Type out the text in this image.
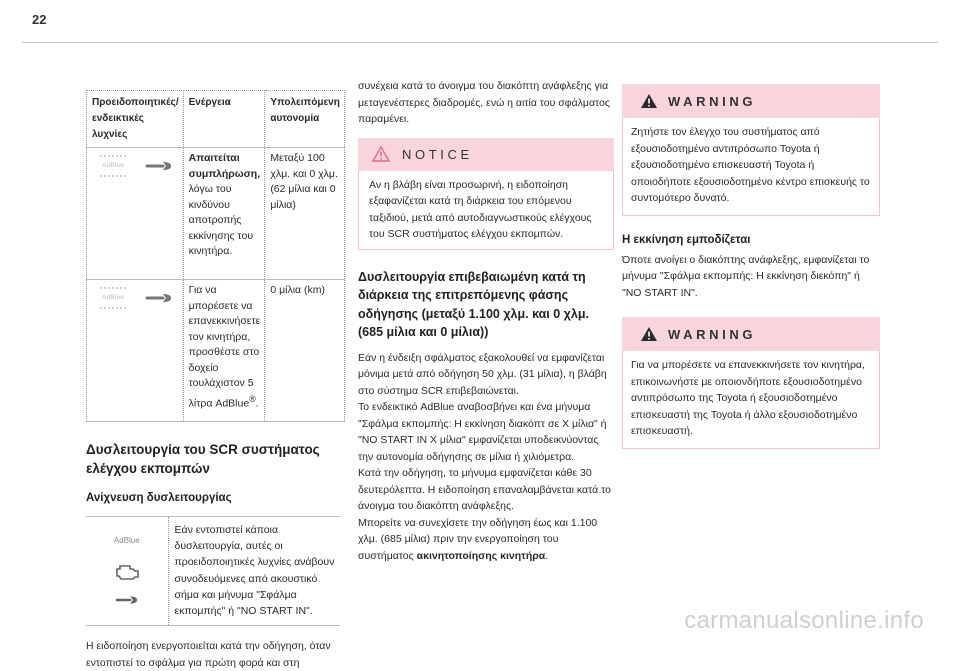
22
Προειδοποιητικές/ ενδεικτικές λυχνίες	Ενέργεια	Υπολειπόμενη αυτονομία

AdBlue	Απαιτείται συμπλήρωση, λόγω του κινδύνου αποτροπής εκκίνησης του κινητήρα.	Μεταξύ 100 χλμ. και 0 χλμ. (62 μίλια και 0 μίλια)

AdBlue	Για να μπορέσετε να επανεκκινήσετε τον κινητήρα, προσθέστε στο δοχείο τουλάχιστον 5 λίτρα AdBlue®.	0 μίλια (km)
Δυσλειτουργία του SCR συστήματος ελέγχου εκπομπών
Ανίχνευση δυσλειτουργίας
AdBlue
	Εάν εντοπιστεί κάποια δυσλειτουργία, αυτές οι προειδοποιητικές λυχνίες ανάβουν συνοδευόμενες από ακουστικό σήμα και μήνυμα "Σφάλμα εκπομπής" ή "NO START IN".

Η ειδοποίηση ενεργοποιείται κατά την οδήγηση, όταν εντοπιστεί το σφάλμα για πρώτη φορά και στη

συνέχεια κατά το άνοιγμα του διακόπτη ανάφλεξης για μεταγενέστερες διαδρομές, ενώ η αιτία του σφάλματος παραμένει.

NOTICE
Αν η βλάβη είναι προσωρινή, η ειδοποίηση εξαφανίζεται κατά τη διάρκεια του επόμενου ταξιδιού, μετά από αυτοδιαγνωστικούς ελέγχους του SCR συστήματος ελέγχου εκπομπών.
Δυσλειτουργία επιβεβαιωμένη κατά τη διάρκεια της επιτρεπόμενης φάσης οδήγησης (μεταξύ 1.100 χλμ. και 0 χλμ. (685 μίλια και 0 μίλια))

Εάν η ένδειξη σφάλματος εξακολουθεί να εμφανίζεται μόνιμα μετά από οδήγηση 50 χλμ. (31 μίλια), η βλάβη στο σύστημα SCR επιβεβαιώνεται.

Το ενδεικτικό AdBlue αναβοσβήνει και ένα μήνυμα "Σφάλμα εκπομπής: Η εκκίνηση διακόπτ σε X μίλια" ή "NO START IN X μίλια" εμφανίζεται υποδεικνύοντας την αυτονομία οδήγησης σε μίλια ή χιλιόμετρα.

Κατά την οδήγηση, το μήνυμα εμφανίζεται κάθε 30 δευτερόλεπτα. Η ειδοποίηση επαναλαμβάνεται κατά το άνοιγμα του διακόπτη ανάφλεξης.

Μπορείτε να συνεχίσετε την οδήγηση έως και 1.100 χλμ. (685 μίλια) πριν την ενεργοποίηση του συστήματος ακινητοποίησης κινητήρα.

WARNING
Ζητήστε τον έλεγχο του συστήματος από εξουσιοδοτημένο αντιπρόσωπο Toyota ή εξουσιοδοτημένο επισκευαστή Toyota ή οποιοδήποτε εξουσιοδοτημένο κέντρο επισκευής το συντομότερο δυνατό.
Η εκκίνηση εμποδίζεται

Όποτε ανοίγει ο διακόπτης ανάφλεξης, εμφανίζεται το μήνυμα "Σφάλμα εκπομπής: Η εκκίνηση διεκόπη" ή "NO START IN".

WARNING
Για να μπορέσετε να επανεκκινήσετε τον κινητήρα, επικοινωνήστε με οποιονδήποτε εξουσιοδοτημένο αντιπρόσωπο της Toyota ή εξουσιοδοτημένο επισκευαστή της Toyota ή άλλο εξουσιοδοτημένο επισκευαστή.
carmanualsonline.info
